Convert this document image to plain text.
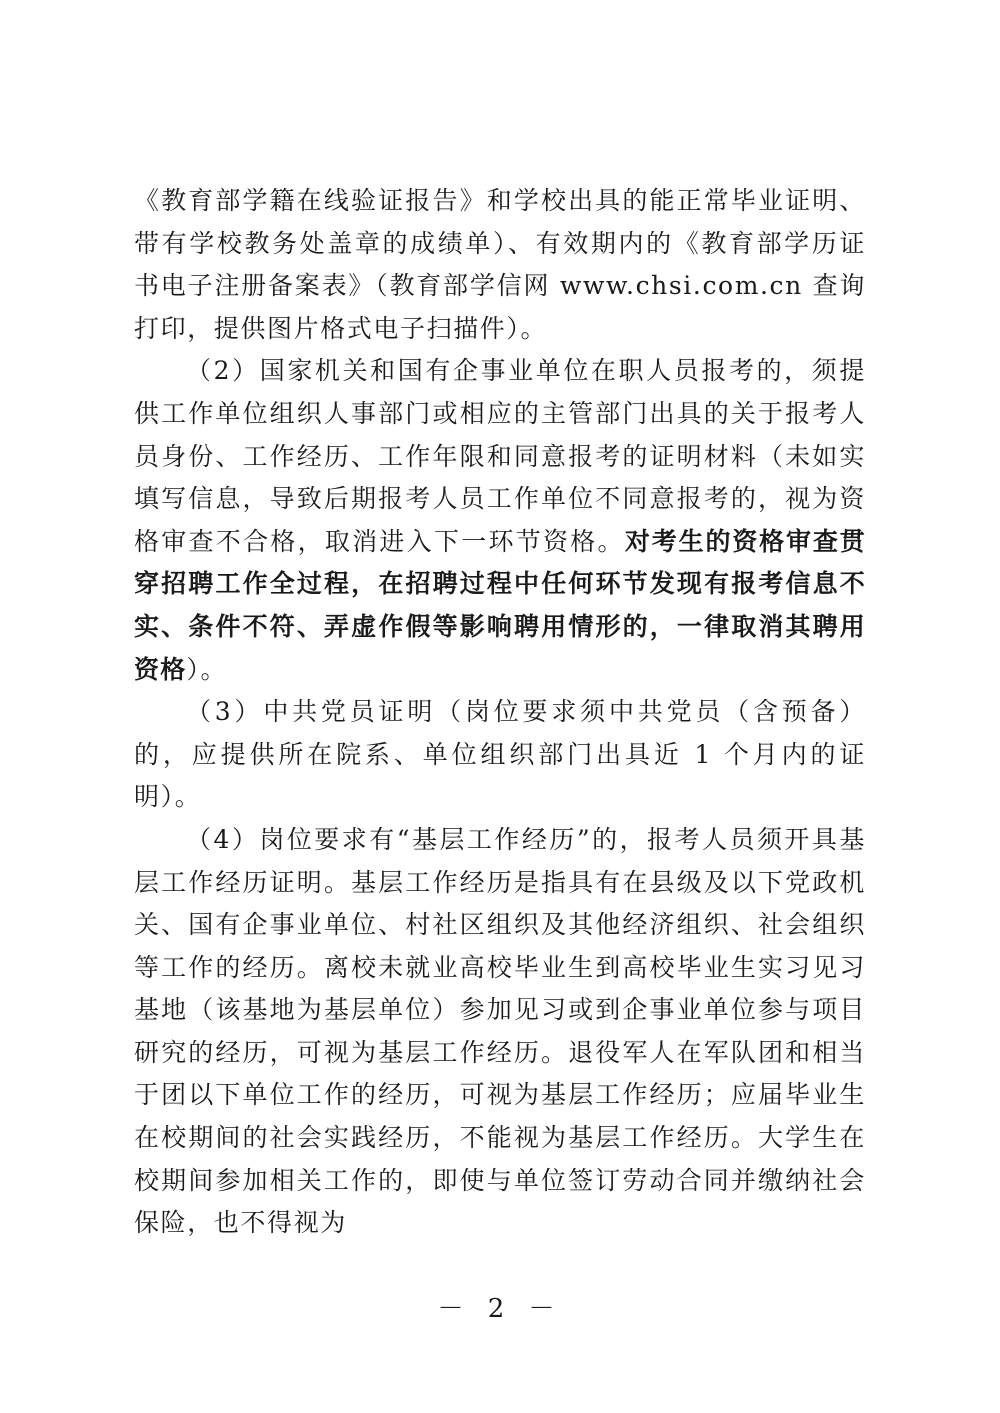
《教育部学籍在线验证报告》和学校出具的能正常毕业证明、带有学校教务处盖章的成绩单）、有效期内的《教育部学历证书电子注册备案表》（教育部学信网 www.chsi.com.cn 查询打印，提供图片格式电子扫描件）。

（2）国家机关和国有企事业单位在职人员报考的，须提供工作单位组织人事部门或相应的主管部门出具的关于报考人员身份、工作经历、工作年限和同意报考的证明材料（未如实填写信息，导致后期报考人员工作单位不同意报考的，视为资格审查不合格，取消进入下一环节资格。对考生的资格审查贯穿招聘工作全过程，在招聘过程中任何环节发现有报考信息不实、条件不符、弄虚作假等影响聘用情形的，一律取消其聘用资格）。

（3）中共党员证明（岗位要求须中共党员（含预备）的，应提供所在院系、单位组织部门出具近 1 个月内的证明）。

（4）岗位要求有“基层工作经历”的，报考人员须开具基层工作经历证明。基层工作经历是指具有在县级及以下党政机关、国有企事业单位、村社区组织及其他经济组织、社会组织等工作的经历。离校未就业高校毕业生到高校毕业生实习见习基地（该基地为基层单位）参加见习或到企事业单位参与项目研究的经历，可视为基层工作经历。退役军人在军队团和相当于团以下单位工作的经历，可视为基层工作经历；应届毕业生在校期间的社会实践经历，不能视为基层工作经历。大学生在校期间参加相关工作的，即使与单位签订劳动合同并缴纳社会保险，也不得视为

－ 2 －
